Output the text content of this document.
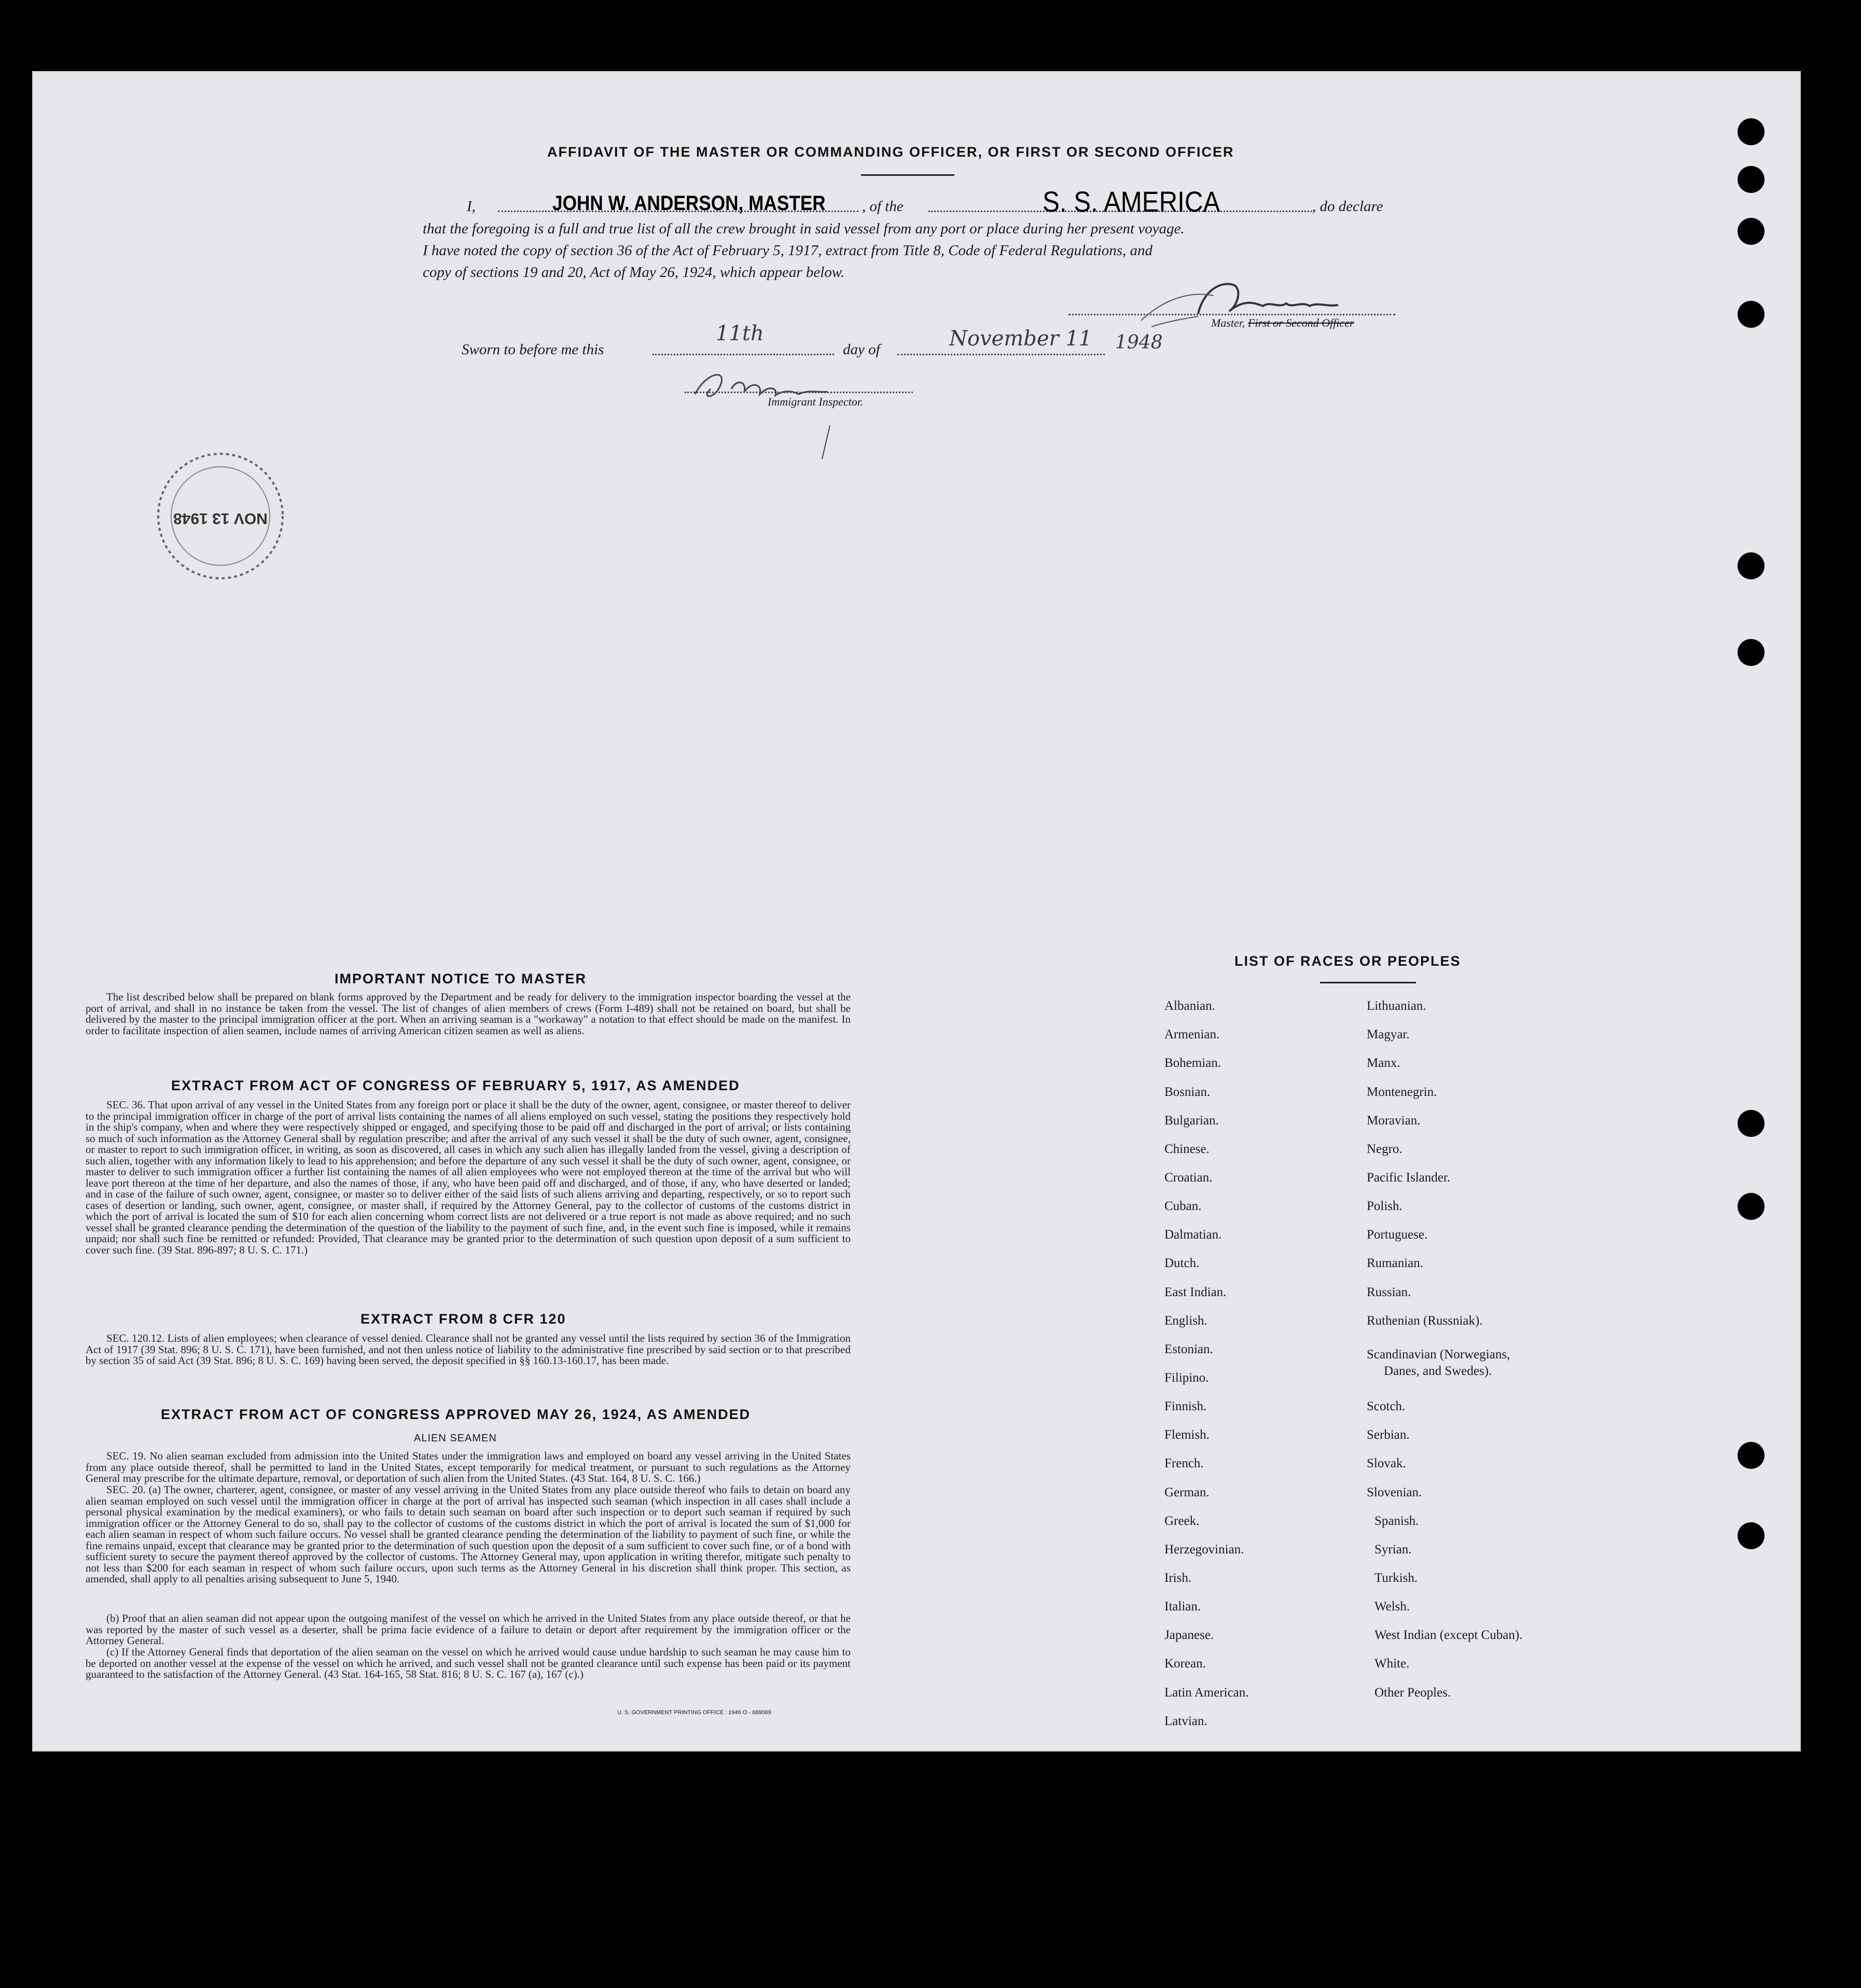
AFFIDAVIT OF THE MASTER OR COMMANDING OFFICER, OR FIRST OR SECOND OFFICER
I,	JOHN W. ANDERSON, MASTER , of the	S. S. AMERICA	, do declare
that the foregoing is a full and true list of all the crew brought in said vessel from any port or place during her present voyage.
I have noted the copy of section 36 of the Act of February 5, 1917, extract from Title 8, Code of Federal Regulations, and
copy of sections 19 and 20, Act of May 26, 1924, which appear below.
Master, First or Second Officer
Sworn to before me this
11th
day of	November 11 1948
Immigrant Inspector.
NOV 13 1948
IMPORTANT NOTICE TO MASTER
The list described below shall be prepared on blank forms approved by the Department and be ready for delivery to the immigration inspector boarding the vessel at the port of arrival, and shall in no instance be taken from the vessel. The list of changes of alien members of crews (Form I-489) shall not be retained on board, but shall be delivered by the master to the principal immigration officer at the port. When an arriving seaman is a "workaway" a notation to that effect should be made on the manifest. In order to facilitate inspection of alien seamen, include names of arriving American citizen seamen as well as aliens.
EXTRACT FROM ACT OF CONGRESS OF FEBRUARY 5, 1917, AS AMENDED
SEC. 36. That upon arrival of any vessel in the United States from any foreign port or place it shall be the duty of the owner, agent, consignee, or master thereof to deliver to the principal immigration officer in charge of the port of arrival lists containing the names of all aliens employed on such vessel, stating the positions they respectively hold in the ship's company, when and where they were respectively shipped or engaged, and specifying those to be paid off and discharged in the port of arrival; or lists containing so much of such information as the Attorney General shall by regulation prescribe; and after the arrival of any such vessel it shall be the duty of such owner, agent, consignee, or master to report to such immigration officer, in writing, as soon as discovered, all cases in which any such alien has illegally landed from the vessel, giving a description of such alien, together with any information likely to lead to his apprehension; and before the departure of any such vessel it shall be the duty of such owner, agent, consignee, or master to deliver to such immigration officer a further list containing the names of all alien employees who were not employed thereon at the time of the arrival but who will leave port thereon at the time of her departure, and also the names of those, if any, who have been paid off and discharged, and of those, if any, who have deserted or landed; and in case of the failure of such owner, agent, consignee, or master so to deliver either of the said lists of such aliens arriving and departing, respectively, or so to report such cases of desertion or landing, such owner, agent, consignee, or master shall, if required by the Attorney General, pay to the collector of customs of the customs district in which the port of arrival is located the sum of $10 for each alien concerning whom correct lists are not delivered or a true report is not made as above required; and no such vessel shall be granted clearance pending the determination of the question of the liability to the payment of such fine, and, in the event such fine is imposed, while it remains unpaid; nor shall such fine be remitted or refunded: Provided, That clearance may be granted prior to the determination of such question upon deposit of a sum sufficient to cover such fine. (39 Stat. 896-897; 8 U. S. C. 171.)
EXTRACT FROM 8 CFR 120
SEC. 120.12. Lists of alien employees; when clearance of vessel denied. Clearance shall not be granted any vessel until the lists required by section 36 of the Immigration Act of 1917 (39 Stat. 896; 8 U. S. C. 171), have been furnished, and not then unless notice of liability to the administrative fine prescribed by said section or to that prescribed by section 35 of said Act (39 Stat. 896; 8 U. S. C. 169) having been served, the deposit specified in §§ 160.13-160.17, has been made.
EXTRACT FROM ACT OF CONGRESS APPROVED MAY 26, 1924, AS AMENDED
ALIEN SEAMEN
SEC. 19. No alien seaman excluded from admission into the United States under the immigration laws and employed on board any vessel arriving in the United States from any place outside thereof, shall be permitted to land in the United States, except temporarily for medical treatment, or pursuant to such regulations as the Attorney General may prescribe for the ultimate departure, removal, or deportation of such alien from the United States. (43 Stat. 164, 8 U. S. C. 166.)
SEC. 20. (a) The owner, charterer, agent, consignee, or master of any vessel arriving in the United States from any place outside thereof who fails to detain on board any alien seaman employed on such vessel until the immigration officer in charge at the port of arrival has inspected such seaman (which inspection in all cases shall include a personal physical examination by the medical examiners), or who fails to detain such seaman on board after such inspection or to deport such seaman if required by such immigration officer or the Attorney General to do so, shall pay to the collector of customs of the customs district in which the port of arrival is located the sum of $1,000 for each alien seaman in respect of whom such failure occurs. No vessel shall be granted clearance pending the determination of the liability to payment of such fine, or while the fine remains unpaid, except that clearance may be granted prior to the determination of such question upon the deposit of a sum sufficient to cover such fine, or of a bond with sufficient surety to secure the payment thereof approved by the collector of customs. The Attorney General may, upon application in writing therefor, mitigate such penalty to not less than $200 for each seaman in respect of whom such failure occurs, upon such terms as the Attorney General in his discretion shall think proper. This section, as amended, shall apply to all penalties arising subsequent to June 5, 1940.
(b) Proof that an alien seaman did not appear upon the outgoing manifest of the vessel on which he arrived in the United States from any place outside thereof, or that he was reported by the master of such vessel as a deserter, shall be prima facie evidence of a failure to detain or deport after requirement by the immigration officer or the Attorney General.
(c) If the Attorney General finds that deportation of the alien seaman on the vessel on which he arrived would cause undue hardship to such seaman he may cause him to be deported on another vessel at the expense of the vessel on which he arrived, and such vessel shall not be granted clearance until such expense has been paid or its payment guaranteed to the satisfaction of the Attorney General. (43 Stat. 164-165, 58 Stat. 816; 8 U. S. C. 167 (a), 167 (c).)
U. S. GOVERNMENT PRINTING OFFICE : 1946 O - 689069
LIST OF RACES OR PEOPLES
Albanian.
Armenian.
Bohemian.
Bosnian.
Bulgarian.
Chinese.
Croatian.
Cuban.
Dalmatian.
Dutch.
East Indian.
English.
Estonian.
Filipino.
Finnish.
Flemish.
French.
German.
Greek.
Herzegovinian.
Irish.
Italian.
Japanese.
Korean.
Latin American.
Latvian.
Lithuanian.
Magyar.
Manx.
Montenegrin.
Moravian.
Negro.
Pacific Islander.
Polish.
Portuguese.
Rumanian.
Russian.
Ruthenian (Russniak).
Scandinavian (Norwegians,
Danes, and Swedes).
Scotch.
Serbian.
Slovak.
Slovenian.
Spanish.
Syrian.
Turkish.
Welsh.
West Indian (except Cuban).
White.
Other Peoples.
